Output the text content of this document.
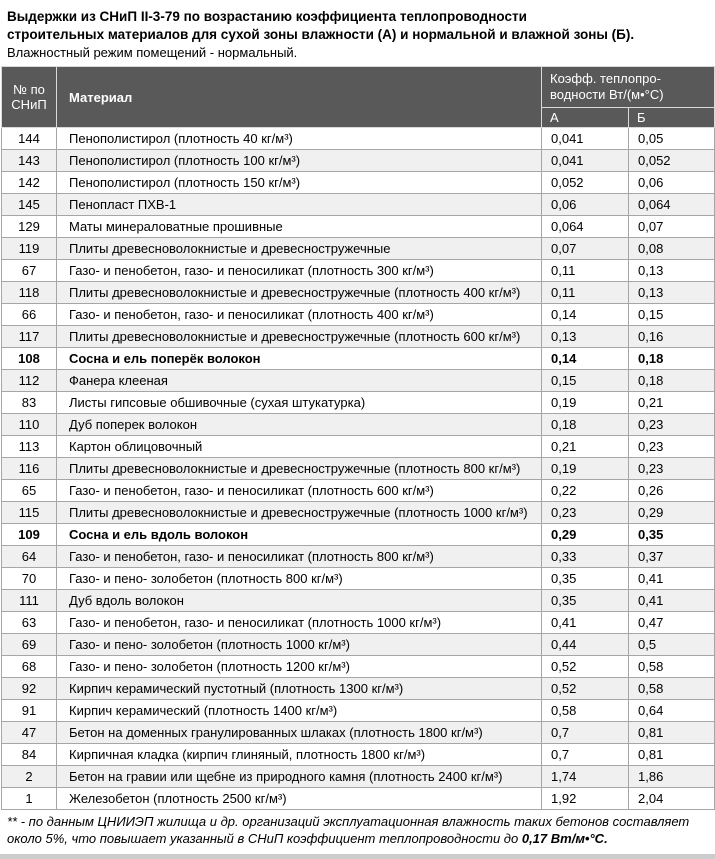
Выдержки из СНиП II-3-79 по возрастанию коэффициента теплопроводности
строительных материалов для сухой зоны влажности (А) и нормальной и влажной зоны (Б).
Влажностный режим помещений - нормальный.
№ по СНиП	Материал	Коэфф. теплопро-водности Вт/(м•°С)	
		А	Б
144	Пенополистирол (плотность 40 кг/м³)	0,041	0,05
143	Пенополистирол (плотность 100 кг/м³)	0,041	0,052
142	Пенополистирол (плотность 150 кг/м³)	0,052	0,06
145	Пенопласт ПХВ-1	0,06	0,064
129	Маты минераловатные прошивные	0,064	0,07
119	Плиты древесноволокнистые и древесностружечные	0,07	0,08
67	Газо- и пенобетон, газо- и пеносиликат (плотность 300 кг/м³)	0,11	0,13
118	Плиты древесноволокнистые и древесностружечные (плотность 400 кг/м³)	0,11	0,13
66	Газо- и пенобетон, газо- и пеносиликат (плотность 400 кг/м³)	0,14	0,15
117	Плиты древесноволокнистые и древесностружечные (плотность 600 кг/м³)	0,13	0,16
108	Сосна и ель поперёк волокон	0,14	0,18
112	Фанера клееная	0,15	0,18
83	Листы гипсовые обшивочные (сухая штукатурка)	0,19	0,21
110	Дуб поперек волокон	0,18	0,23
113	Картон облицовочный	0,21	0,23
116	Плиты древесноволокнистые и древесностружечные (плотность 800 кг/м³)	0,19	0,23
65	Газо- и пенобетон, газо- и пеносиликат (плотность 600 кг/м³)	0,22	0,26
115	Плиты древесноволокнистые и древесностружечные (плотность 1000 кг/м³)	0,23	0,29
109	Сосна и ель вдоль волокон	0,29	0,35
64	Газо- и пенобетон, газо- и пеносиликат (плотность 800 кг/м³)	0,33	0,37
70	Газо- и пено- золобетон (плотность 800 кг/м³)	0,35	0,41
111	Дуб вдоль волокон	0,35	0,41
63	Газо- и пенобетон, газо- и пеносиликат (плотность 1000 кг/м³)	0,41	0,47
69	Газо- и пено- золобетон (плотность 1000 кг/м³)	0,44	0,5
68	Газо- и пено- золобетон (плотность 1200 кг/м³)	0,52	0,58
92	Кирпич керамический пустотный (плотность 1300 кг/м³)	0,52	0,58
91	Кирпич керамический (плотность 1400 кг/м³)	0,58	0,64
47	Бетон на доменных гранулированных шлаках (плотность 1800 кг/м³)	0,7	0,81
84	Кирпичная кладка (кирпич глиняный, плотность 1800 кг/м³)	0,7	0,81
2	Бетон на гравии или щебне из природного камня (плотность 2400 кг/м³)	1,74	1,86
1	Железобетон (плотность 2500 кг/м³)	1,92	2,04
** - по данным ЦНИИЭП жилища и др. организаций эксплуатационная влажность таких бетонов составляет около 5%, что повышает указанный в СНиП коэффициент теплопроводности до 0,17 Вт/м•°С.
